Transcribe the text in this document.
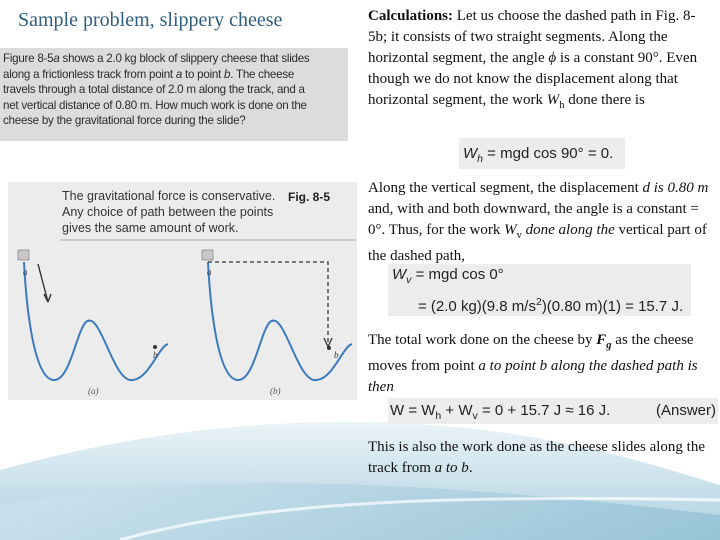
Sample problem, slippery cheese
Figure 8-5a shows a 2.0 kg block of slippery cheese that slides
along a frictionless track from point a to point b. The cheese
travels through a total distance of 2.0 m along the track, and a
net vertical distance of 0.80 m. How much work is done on the
cheese by the gravitational force during the slide?
The gravitational force is conservative. Any choice of path between the points gives the same amount of work.
Fig. 8-5
a
b
(a)
a
b
(b)
Calculations: Let us choose the dashed path in Fig. 8-5b; it consists of two straight segments. Along the horizontal segment, the angle ϕ is a constant 90°. Even though we do not know the displacement along that horizontal segment, the work $W_h$ done there is
$W_h$ = mgd cos 90° = 0.
Along the vertical segment, the displacement d is 0.80 m and, with and both downward, the angle is a constant = 0°. Thus, for the work $W_v$ done along the vertical part of the dashed path,
$W_v$ = mgd cos 0°
= (2.0 kg)(9.8 $m/s^2)(0.80$ m)(1) = 15.7 J.
The total work done on the cheese by $F_g$ as the cheese moves from point a to point b along the dashed path is then
$W = W_h + W_v = 0 + 15.7$ J ≈ 16 J.	(Answer)
This is also the work done as the cheese slides along the track from a to b.
